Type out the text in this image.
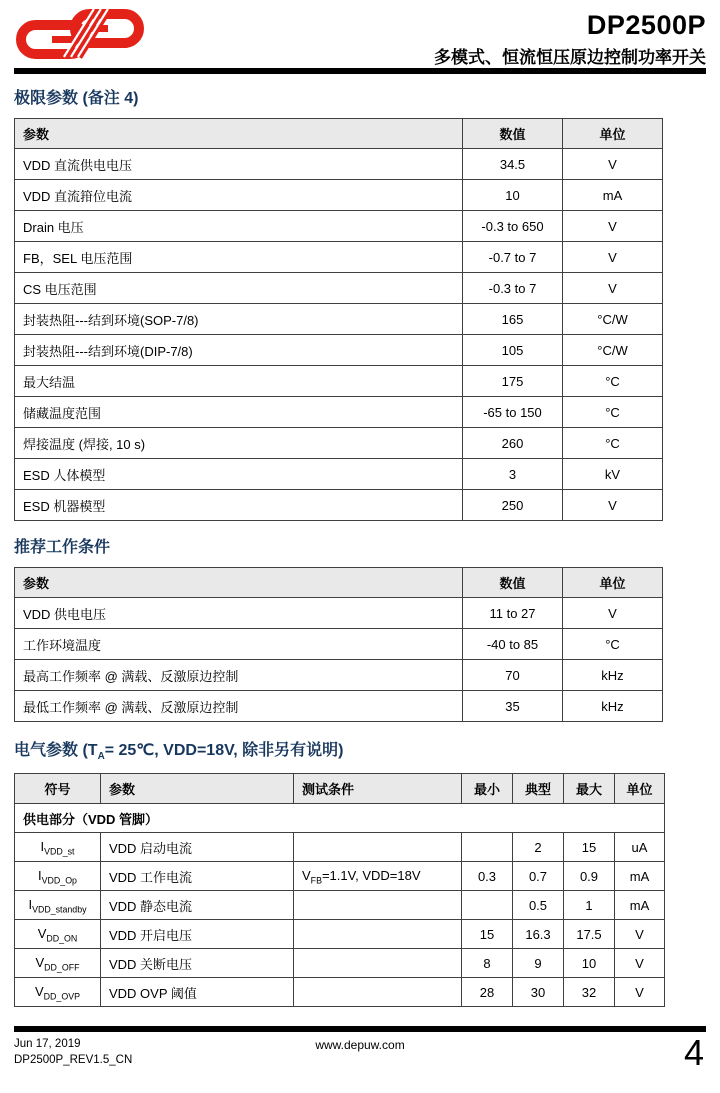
DP2500P
多模式、恒流恒压原边控制功率开关
极限参数 (备注 4)
参数	数值	单位
VDD 直流供电电压	34.5	V
VDD 直流箝位电流	10	mA
Drain 电压	-0.3 to 650	V
FB，SEL 电压范围	-0.7 to 7	V
CS 电压范围	-0.3 to 7	V
封装热阻---结到环境(SOP-7/8)	165	°C/W
封装热阻---结到环境(DIP-7/8)	105	°C/W
最大结温	175	°C
储藏温度范围	-65 to 150	°C
焊接温度 (焊接, 10 s)	260	°C
ESD 人体模型	3	kV
ESD 机器模型	250	V
推荐工作条件
参数	数值	单位
VDD 供电电压	11 to 27	V
工作环境温度	-40 to 85	°C
最高工作频率 @ 满载、反激原边控制	70	kHz
最低工作频率 @ 满载、反激原边控制	35	kHz
电气参数 ($T_A=$ 25℃, VDD=18V, 除非另有说明)
符号	参数	测试条件	最小	典型	最大	单位
供电部分（VDD 管脚）						
$I_{VDD\_st}$	VDD 启动电流			2	15	uA
$I_{VDD\_Op}$	VDD 工作电流	$V_{FB}=1.1V$, VDD=18V	0.3	0.7	0.9	mA
$I_{VDD\_standby}$	VDD 静态电流			0.5	1	mA
$V_{DD\_ON}$	VDD 开启电压		15	16.3	17.5	V
$V_{DD\_OFF}$	VDD 关断电压		8	9	10	V
$V_{DD\_OVP}$	VDD OVP 阈值		28	30	32	V
Jun 17, 2019
DP2500P_REV1.5_CN
www.depuw.com	4
